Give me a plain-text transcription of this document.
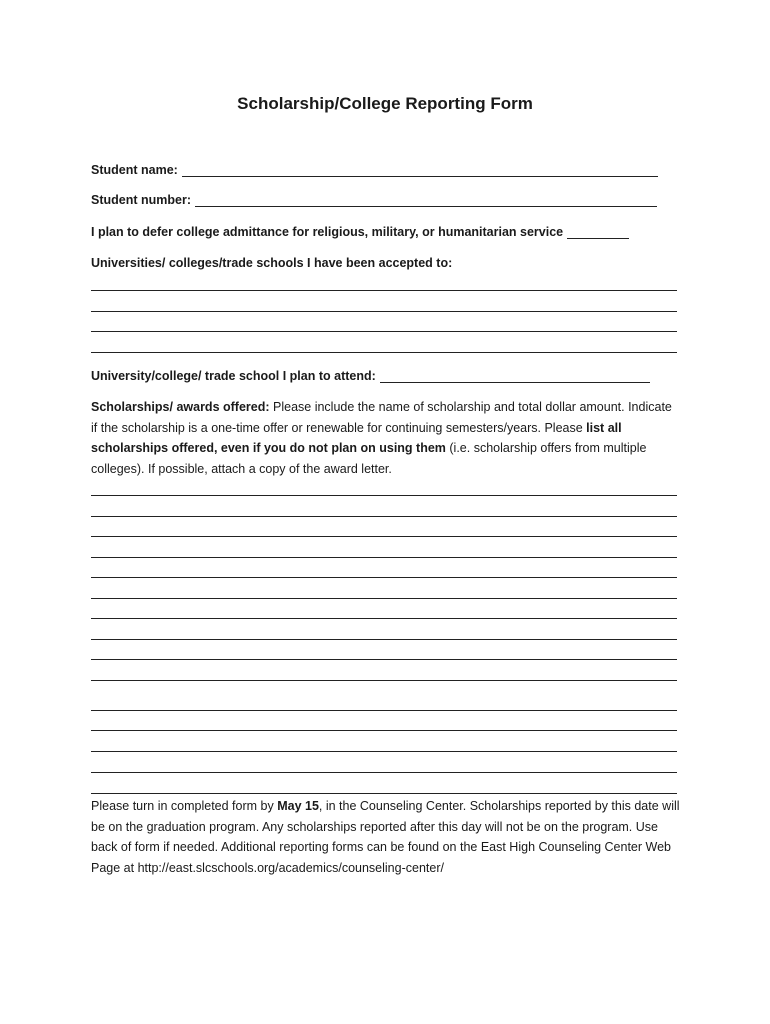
Scholarship/College Reporting Form
Student name:
Student number:
I plan to defer college admittance for religious, military, or humanitarian service
Universities/ colleges/trade schools I have been accepted to:
University/college/ trade school I plan to attend:
Scholarships/ awards offered: Please include the name of scholarship and total dollar amount. Indicate if the scholarship is a one-time offer or renewable for continuing semesters/years. Please list all scholarships offered, even if you do not plan on using them (i.e. scholarship offers from multiple colleges). If possible, attach a copy of the award letter.
Please turn in completed form by May 15, in the Counseling Center. Scholarships reported by this date will be on the graduation program. Any scholarships reported after this day will not be on the program. Use back of form if needed. Additional reporting forms can be found on the East High Counseling Center Web Page at http://east.slcschools.org/academics/counseling-center/
